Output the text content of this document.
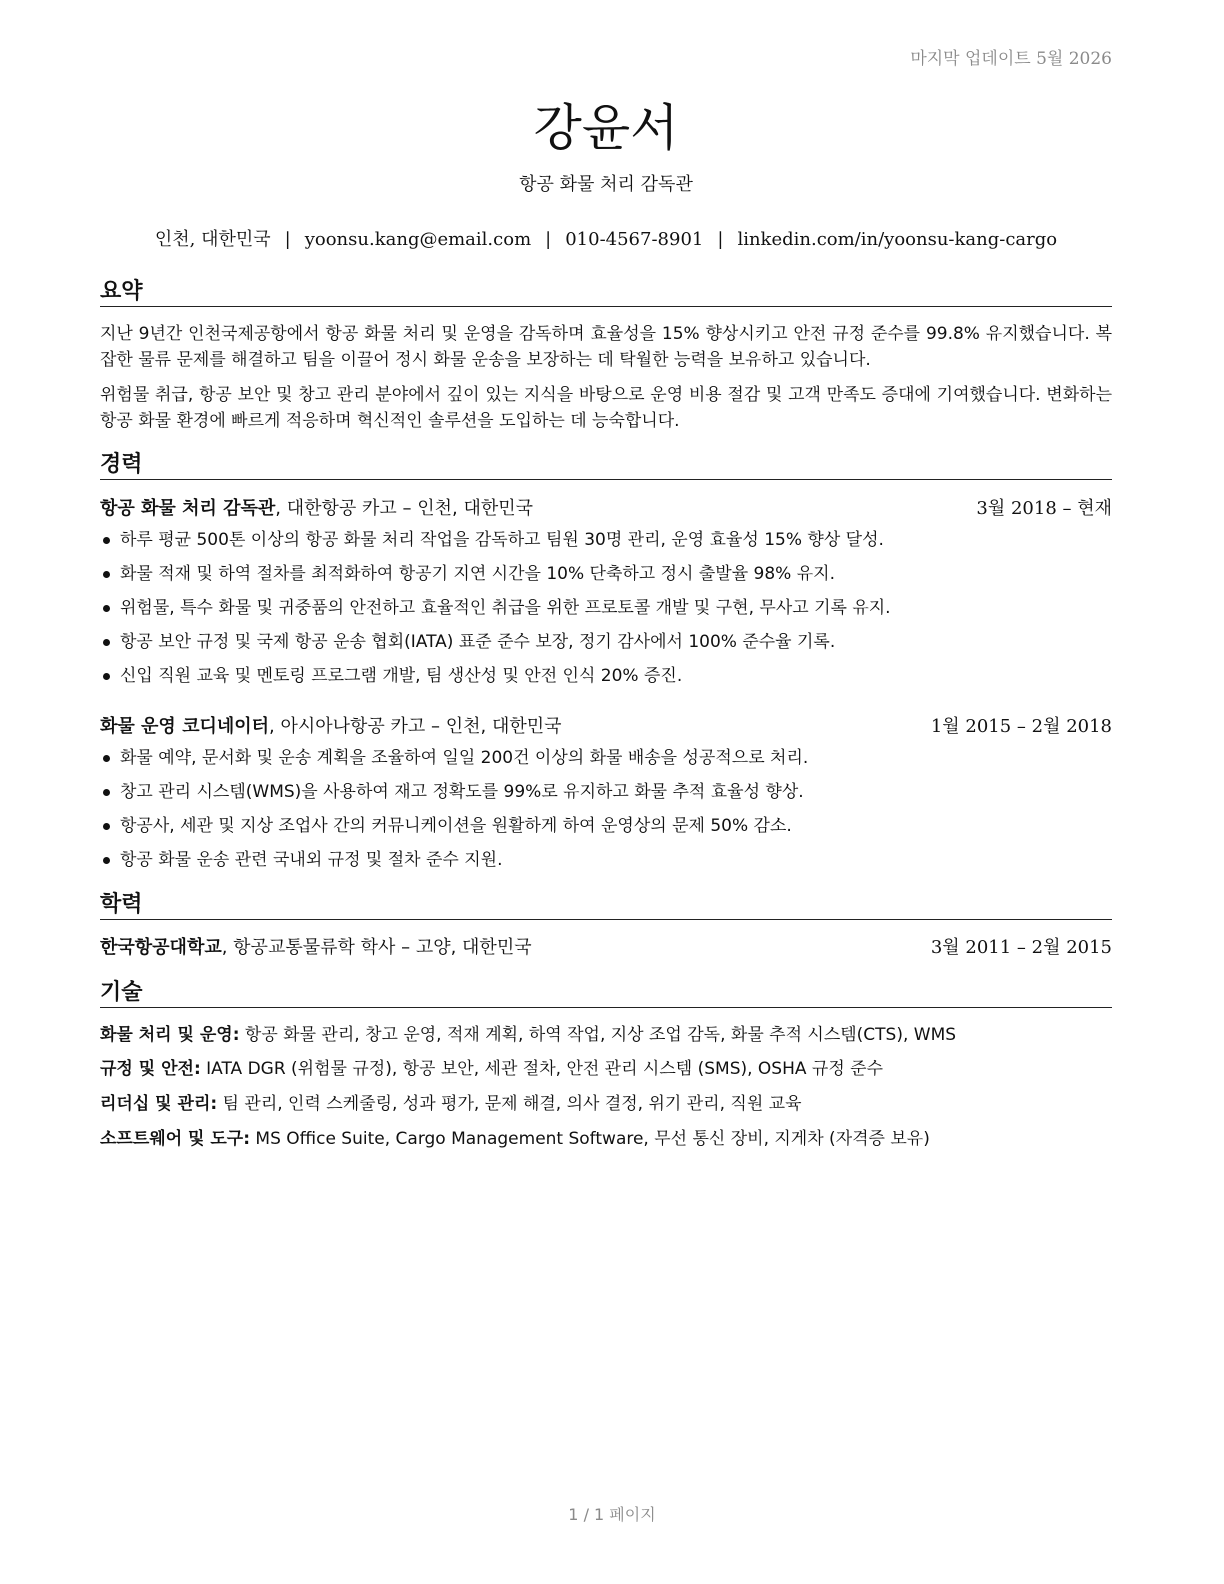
마지막 업데이트 5월 2026
강윤서
항공 화물 처리 감독관
인천, 대한민국 | yoonsu.kang@email.com | 010-4567-8901 | linkedin.com/in/yoonsu-kang-cargo
요약
지난 9년간 인천국제공항에서 항공 화물 처리 및 운영을 감독하며 효율성을 15% 향상시키고 안전 규정 준수를 99.8% 유지했습니다. 복잡한 물류 문제를 해결하고 팀을 이끌어 정시 화물 운송을 보장하는 데 탁월한 능력을 보유하고 있습니다.
위험물 취급, 항공 보안 및 창고 관리 분야에서 깊이 있는 지식을 바탕으로 운영 비용 절감 및 고객 만족도 증대에 기여했습니다. 변화하는 항공 화물 환경에 빠르게 적응하며 혁신적인 솔루션을 도입하는 데 능숙합니다.
경력
항공 화물 처리 감독관, 대한항공 카고 – 인천, 대한민국	3월 2018 – 현재
하루 평균 500톤 이상의 항공 화물 처리 작업을 감독하고 팀원 30명 관리, 운영 효율성 15% 향상 달성.
화물 적재 및 하역 절차를 최적화하여 항공기 지연 시간을 10% 단축하고 정시 출발율 98% 유지.
위험물, 특수 화물 및 귀중품의 안전하고 효율적인 취급을 위한 프로토콜 개발 및 구현, 무사고 기록 유지.
항공 보안 규정 및 국제 항공 운송 협회(IATA) 표준 준수 보장, 정기 감사에서 100% 준수율 기록.
신입 직원 교육 및 멘토링 프로그램 개발, 팀 생산성 및 안전 인식 20% 증진.
화물 운영 코디네이터, 아시아나항공 카고 – 인천, 대한민국	1월 2015 – 2월 2018
화물 예약, 문서화 및 운송 계획을 조율하여 일일 200건 이상의 화물 배송을 성공적으로 처리.
창고 관리 시스템(WMS)을 사용하여 재고 정확도를 99%로 유지하고 화물 추적 효율성 향상.
항공사, 세관 및 지상 조업사 간의 커뮤니케이션을 원활하게 하여 운영상의 문제 50% 감소.
항공 화물 운송 관련 국내외 규정 및 절차 준수 지원.
학력
한국항공대학교, 항공교통물류학 학사 – 고양, 대한민국	3월 2011 – 2월 2015
기술
화물 처리 및 운영: 항공 화물 관리, 창고 운영, 적재 계획, 하역 작업, 지상 조업 감독, 화물 추적 시스템(CTS), WMS
규정 및 안전: IATA DGR (위험물 규정), 항공 보안, 세관 절차, 안전 관리 시스템 (SMS), OSHA 규정 준수
리더십 및 관리: 팀 관리, 인력 스케줄링, 성과 평가, 문제 해결, 의사 결정, 위기 관리, 직원 교육
소프트웨어 및 도구: MS Office Suite, Cargo Management Software, 무선 통신 장비, 지게차 (자격증 보유)
1 / 1 페이지
